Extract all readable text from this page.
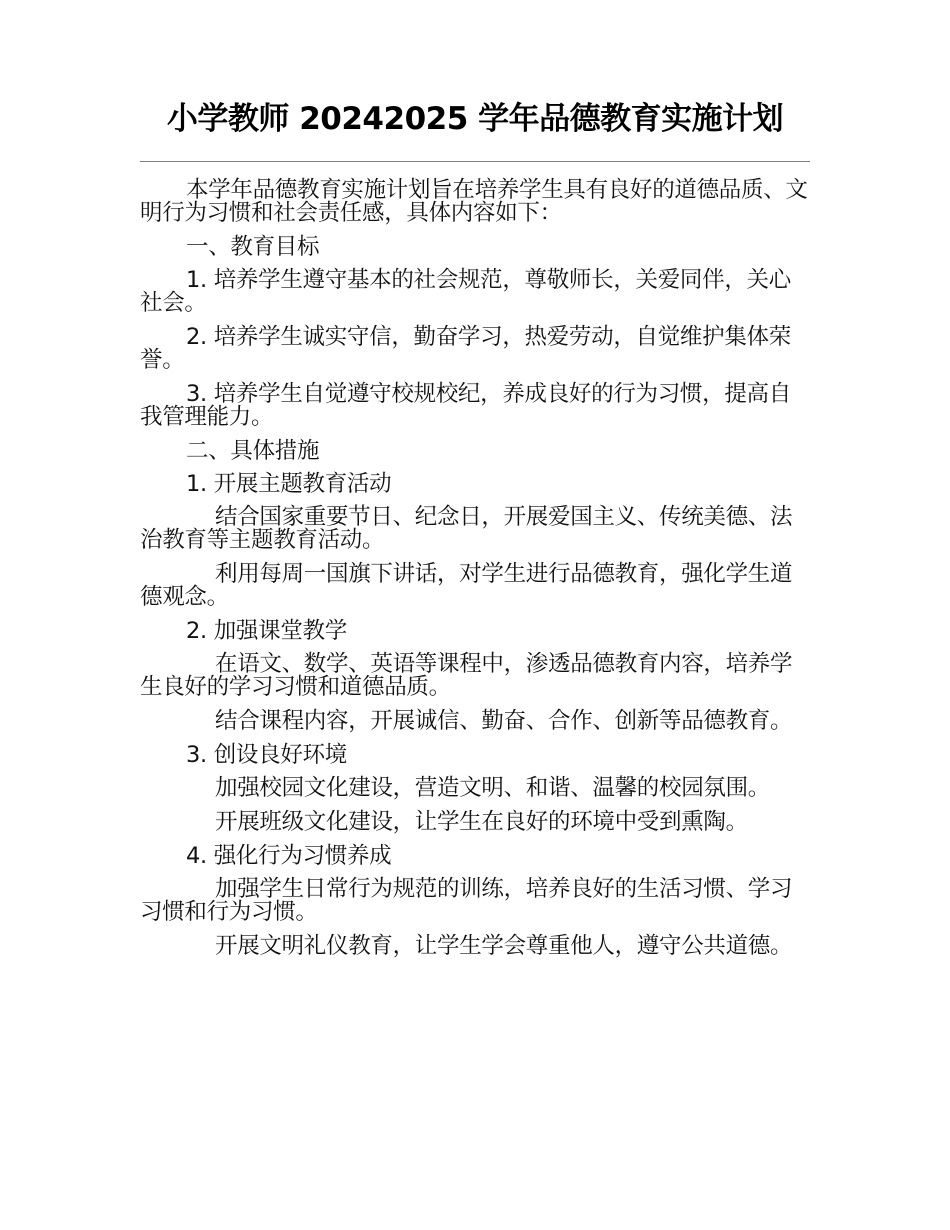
小学教师 20242025 学年品德教育实施计划

本学年品德教育实施计划旨在培养学生具有良好的道德品质、文明行为习惯和社会责任感，具体内容如下：

一、教育目标

1. 培养学生遵守基本的社会规范，尊敬师长，关爱同伴，关心社会。

2. 培养学生诚实守信，勤奋学习，热爱劳动，自觉维护集体荣誉。

3. 培养学生自觉遵守校规校纪，养成良好的行为习惯，提高自我管理能力。

二、具体措施

1. 开展主题教育活动

结合国家重要节日、纪念日，开展爱国主义、传统美德、法治教育等主题教育活动。

利用每周一国旗下讲话，对学生进行品德教育，强化学生道德观念。

2. 加强课堂教学

在语文、数学、英语等课程中，渗透品德教育内容，培养学生良好的学习习惯和道德品质。

结合课程内容，开展诚信、勤奋、合作、创新等品德教育。

3. 创设良好环境

加强校园文化建设，营造文明、和谐、温馨的校园氛围。

开展班级文化建设，让学生在良好的环境中受到熏陶。

4. 强化行为习惯养成

加强学生日常行为规范的训练，培养良好的生活习惯、学习习惯和行为习惯。

开展文明礼仪教育，让学生学会尊重他人，遵守公共道德。
